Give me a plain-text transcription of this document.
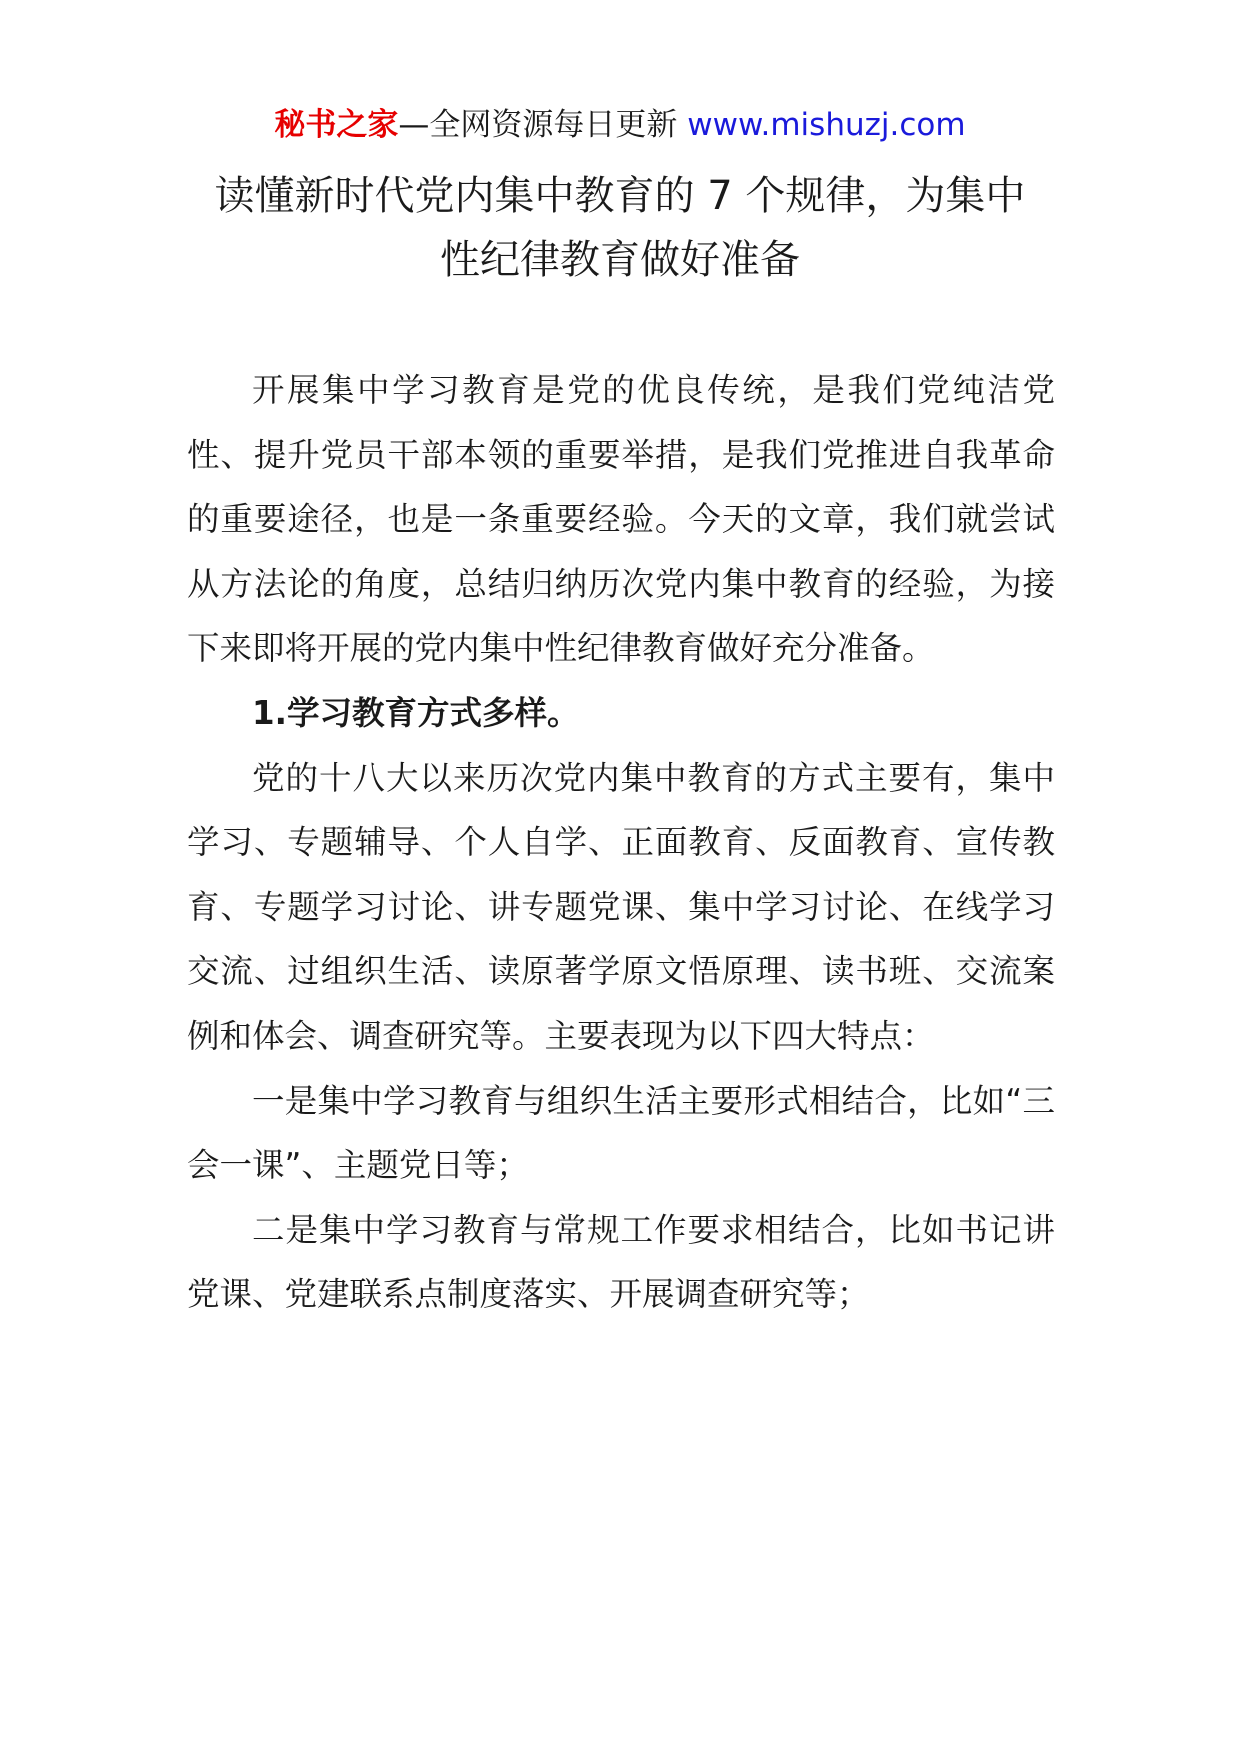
秘书之家—全网资源每日更新 www.mishuzj.com
读懂新时代党内集中教育的 7 个规律，为集中
性纪律教育做好准备

开展集中学习教育是党的优良传统，是我们党纯洁党性、提升党员干部本领的重要举措，是我们党推进自我革命的重要途径，也是一条重要经验。今天的文章，我们就尝试从方法论的角度，总结归纳历次党内集中教育的经验，为接下来即将开展的党内集中性纪律教育做好充分准备。

1.学习教育方式多样。

党的十八大以来历次党内集中教育的方式主要有，集中学习、专题辅导、个人自学、正面教育、反面教育、宣传教育、专题学习讨论、讲专题党课、集中学习讨论、在线学习交流、过组织生活、读原著学原文悟原理、读书班、交流案例和体会、调查研究等。主要表现为以下四大特点：

一是集中学习教育与组织生活主要形式相结合，比如“三会一课”、主题党日等；

二是集中学习教育与常规工作要求相结合，比如书记讲党课、党建联系点制度落实、开展调查研究等；
